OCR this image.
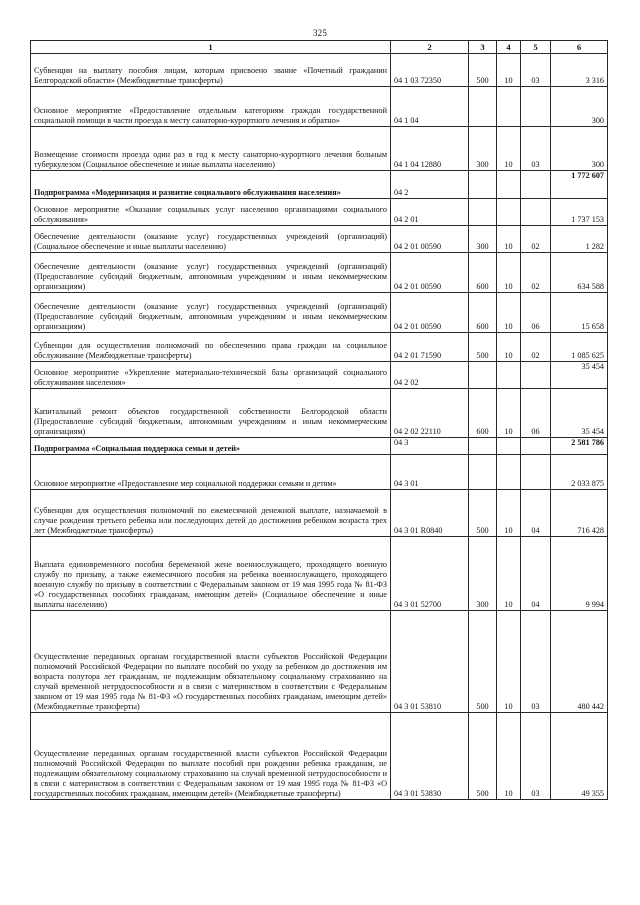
325
1	2	3	4	5	6
Субвенции на выплату пособия лицам, которым присвоено звание «Почетный гражданин Белгородской области» (Межбюджетные трансферты)	04 1 03 72350	500	10	03	3 316
Основное мероприятие «Предоставление отдельным категориям граждан государственной социальной помощи в части проезда к месту санаторно-курортного лечения и обратно»	04 1 04				300
Возмещение стоимости проезда один раз в год к месту санаторно-курортного лечения больным туберкулезом (Социальное обеспечение и иные выплаты населению)	04 1 04 12880	300	10	03	300
Подпрограмма «Модернизация и развитие социального обслуживания населения»	04 2				1 772 607
Основное мероприятие «Оказание социальных услуг населению организациями социального обслуживания»	04 2 01				1 737 153
Обеспечение деятельности (оказание услуг) государственных учреждений (организаций) (Социальное обеспечение и иные выплаты населению)	04 2 01 00590	300	10	02	1 282
Обеспечение деятельности (оказание услуг) государственных учреждений (организаций) (Предоставление субсидий бюджетным, автономным учреждениям и иным некоммерческим организациям)	04 2 01 00590	600	10	02	634 588
Обеспечение деятельности (оказание услуг) государственных учреждений (организаций) (Предоставление субсидий бюджетным, автономным учреждениям и иным некоммерческим организациям)	04 2 01 00590	600	10	06	15 658
Субвенции для осуществления полномочий по обеспечению права граждан на социальное обслуживание (Межбюджетные трансферты)	04 2 01 71590	500	10	02	1 085 625
Основное мероприятие «Укрепление материально-технической базы организаций социального обслуживания населения»	04 2 02				35 454
Капитальный ремонт объектов государственной собственности Белгородской области (Предоставление субсидий бюджетным, автономным учреждениям и иным некоммерческим организациям)	04 2 02 22110	600	10	06	35 454
Подпрограмма «Социальная поддержка семьи и детей»	04 3				2 581 786
Основное мероприятие «Предоставление мер социальной поддержки семьям и детям»	04 3 01				2 033 875
Субвенции для осуществления полномочий по ежемесячной денежной выплате, назначаемой в случае рождения третьего ребенка или последующих детей до достижения ребенком возраста трех лет (Межбюджетные трансферты)	04 3 01 R0840	500	10	04	716 428
Выплата единовременного пособия беременной жене военнослужащего, проходящего военную службу по призыву, а также ежемесячного пособия на ребенка военнослужащего, проходящего военную службу по призыву в соответствии с Федеральным законом от 19 мая 1995 года № 81-ФЗ «О государственных пособиях гражданам, имеющим детей» (Социальное обеспечение и иные выплаты населению)	04 3 01 52700	300	10	04	9 994
Осуществление переданных органам государственной власти субъектов Российской Федерации полномочий Российской Федерации по выплате пособий по уходу за ребенком до достижения им возраста полутора лет гражданам, не подлежащим обязательному социальному страхованию на случай временной нетрудоспособности и в связи с материнством в соответствии с Федеральным законом от 19 мая 1995 года № 81-ФЗ «О государственных пособиях гражданам, имеющим детей» (Межбюджетные трансферты)	04 3 01 53810	500	10	03	480 442
Осуществление переданных органам государственной власти субъектов Российской Федерации полномочий Российской Федерации по выплате пособий при рождении ребенка гражданам, не подлежащим обязательному социальному страхованию на случай временной нетрудоспособности и в связи с материнством в соответствии с Федеральным законом от 19 мая 1995 года № 81-ФЗ «О государственных пособиях гражданам, имеющим детей» (Межбюджетные трансферты)	04 3 01 53830	500	10	03	49 355
